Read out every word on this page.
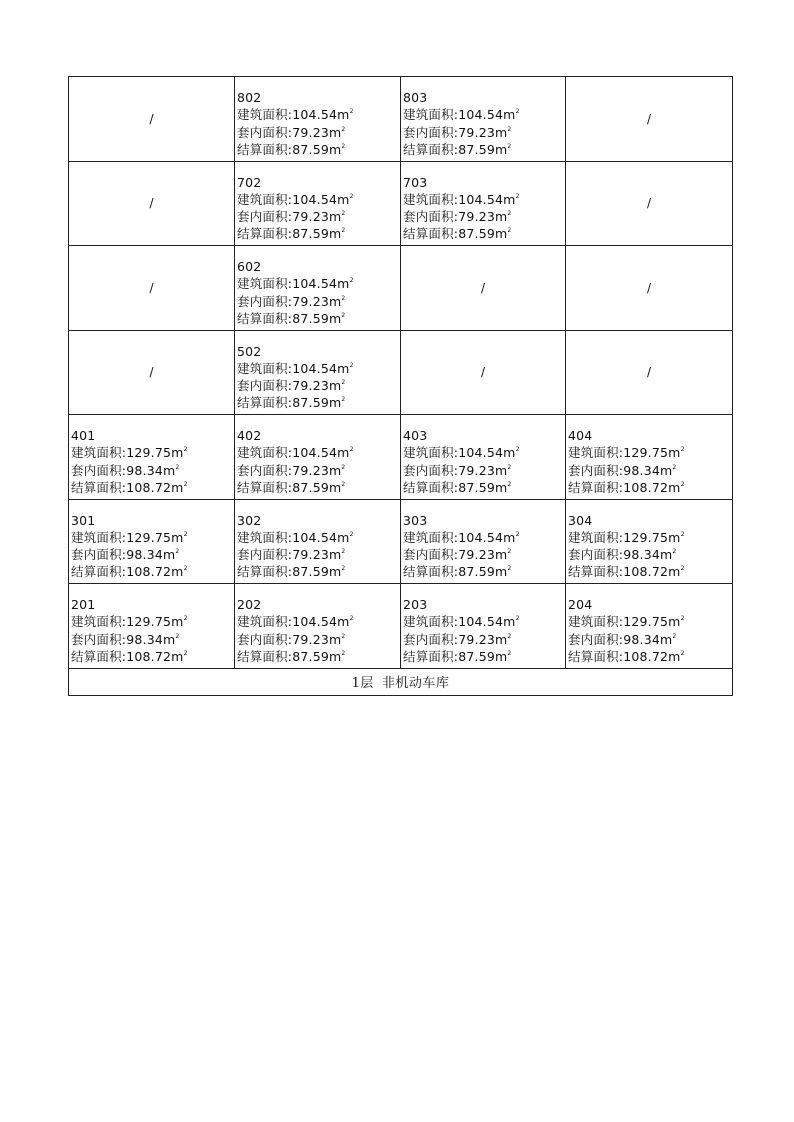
/	802
建筑面积$:104.54m^2$
套内面积$:79.23m^2$
结算面积$:87.59m^2$	803
建筑面积$:104.54m^2$
套内面积$:79.23m^2$
结算面积$:87.59m^2$	/
/	702
建筑面积$:104.54m^2$
套内面积$:79.23m^2$
结算面积$:87.59m^2$	703
建筑面积$:104.54m^2$
套内面积$:79.23m^2$
结算面积$:87.59m^2$	/
/	602
建筑面积$:104.54m^2$
套内面积$:79.23m^2$
结算面积$:87.59m^2$	/	/
/	502
建筑面积$:104.54m^2$
套内面积$:79.23m^2$
结算面积$:87.59m^2$	/	/

401
建筑面积$:129.75m^2$
套内面积$:98.34m^2$
结算面积$:108.72m^2$	402
建筑面积$:104.54m^2$
套内面积$:79.23m^2$
结算面积$:87.59m^2$	403
建筑面积$:104.54m^2$
套内面积$:79.23m^2$
结算面积$:87.59m^2$	404
建筑面积$:129.75m^2$
套内面积$:98.34m^2$
结算面积$:108.72m^2$

301
建筑面积$:129.75m^2$
套内面积$:98.34m^2$
结算面积$:108.72m^2$	302
建筑面积$:104.54m^2$
套内面积$:79.23m^2$
结算面积$:87.59m^2$	303
建筑面积$:104.54m^2$
套内面积$:79.23m^2$
结算面积$:87.59m^2$	304
建筑面积$:129.75m^2$
套内面积$:98.34m^2$
结算面积$:108.72m^2$

201
建筑面积$:129.75m^2$
套内面积$:98.34m^2$
结算面积$:108.72m^2$	202
建筑面积$:104.54m^2$
套内面积$:79.23m^2$
结算面积$:87.59m^2$	203
建筑面积$:104.54m^2$
套内面积$:79.23m^2$
结算面积$:87.59m^2$	204
建筑面积$:129.75m^2$
套内面积$:98.34m^2$
结算面积$:108.72m^2$

1层 非机动车库			
